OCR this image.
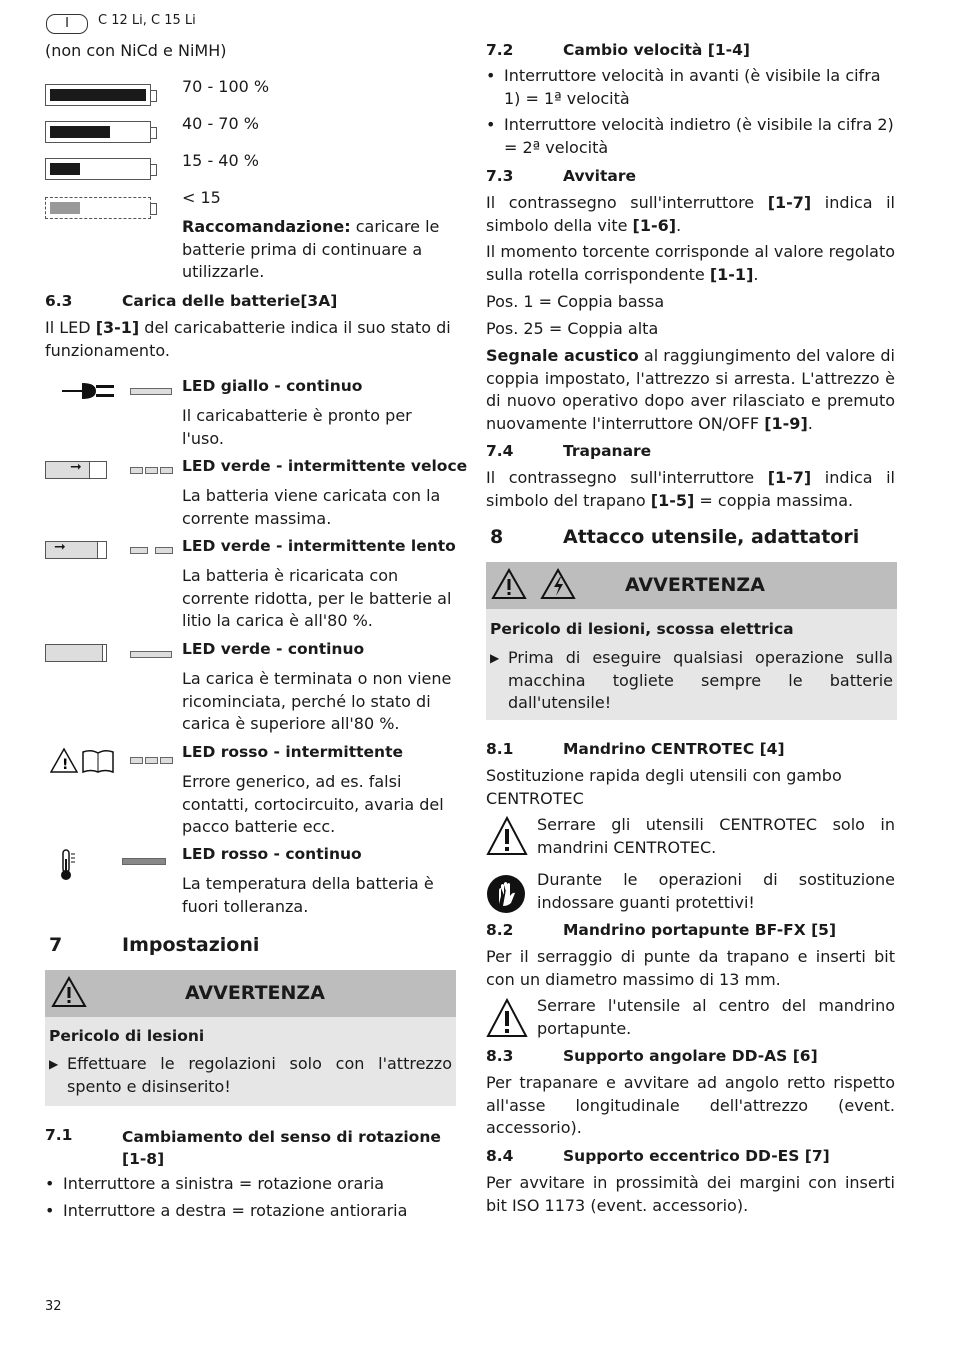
I	C 12 Li, C 15 Li
(non con NiCd e NiMH)
70 - 100 %
40 - 70 %
15 - 40 %
< 15
Raccomandazione: caricare le batterie prima di continuare a utilizzarle.
6.3	Carica delle batterie[3A]
Il LED [3-1] del caricabatterie indica il suo stato di funzionamento.
LED giallo - continuo
Il caricabatterie è pronto per l'uso.
➞	LED verde - intermittente veloce
La batteria viene caricata con la corrente massima.
➞	LED verde - intermittente lento
La batteria è ricaricata con corrente ridotta, per le batterie al litio la carica è all'80 %.
LED verde - continuo
La carica è terminata o non viene ricominciata, perché lo stato di carica è superiore all'80 %.
!
LED rosso - intermittente
Errore generico, ad es. falsi contatti, cortocircuito, avaria del pacco batterie ecc.
LED rosso - continuo
La temperatura della batteria è fuori tolleranza.
7	Impostazioni
AVVERTENZA
Pericolo di lesioni
▶ Effettuare le regolazioni solo con l'attrezzo spento e disinserito!
7.1	Cambiamento del senso di rotazione [1-8]
• Interruttore a sinistra = rotazione oraria
• Interruttore a destra = rotazione antioraria
7.2	Cambio velocità [1-4]
• Interruttore velocità in avanti (è visibile la cifra 1) = 1ª velocità
• Interruttore velocità indietro (è visibile la cifra 2) = 2ª velocità
7.3	Avvitare
Il contrassegno sull'interruttore [1-7] indica il simbolo della vite [1-6].
Il momento torcente corrisponde al valore regolato sulla rotella corrispondente [1-1].
Pos. 1 = Coppia bassa
Pos. 25 = Coppia alta
Segnale acustico al raggiungimento del valore di coppia impostato, l'attrezzo si arresta. L'attrezzo è di nuovo operativo dopo aver rilasciato e premuto nuovamente l'interruttore ON/OFF [1-9].
7.4	Trapanare
Il contrassegno sull'interruttore [1-7] indica il simbolo del trapano [1-5] = coppia massima.
8	Attacco utensile, adattatori
AVVERTENZA
Pericolo di lesioni, scossa elettrica
▶ Prima di eseguire qualsiasi operazione sulla macchina togliete sempre le batterie dall'utensile!
8.1	Mandrino CENTROTEC [4]
Sostituzione rapida degli utensili con gambo CENTROTEC
Serrare gli utensili CENTROTEC solo in mandrini CENTROTEC.
Durante le operazioni di sostituzione indossare guanti protettivi!
8.2	Mandrino portapunte BF-FX [5]
Per il serraggio di punte da trapano e inserti bit con un diametro massimo di 13 mm.
Serrare l'utensile al centro del mandrino portapunte.
8.3	Supporto angolare DD-AS [6]
Per trapanare e avvitare ad angolo retto rispetto all'asse longitudinale dell'attrezzo (event. accessorio).
8.4	Supporto eccentrico DD-ES [7]
Per avvitare in prossimità dei margini con inserti bit ISO 1173 (event. accessorio).
32
